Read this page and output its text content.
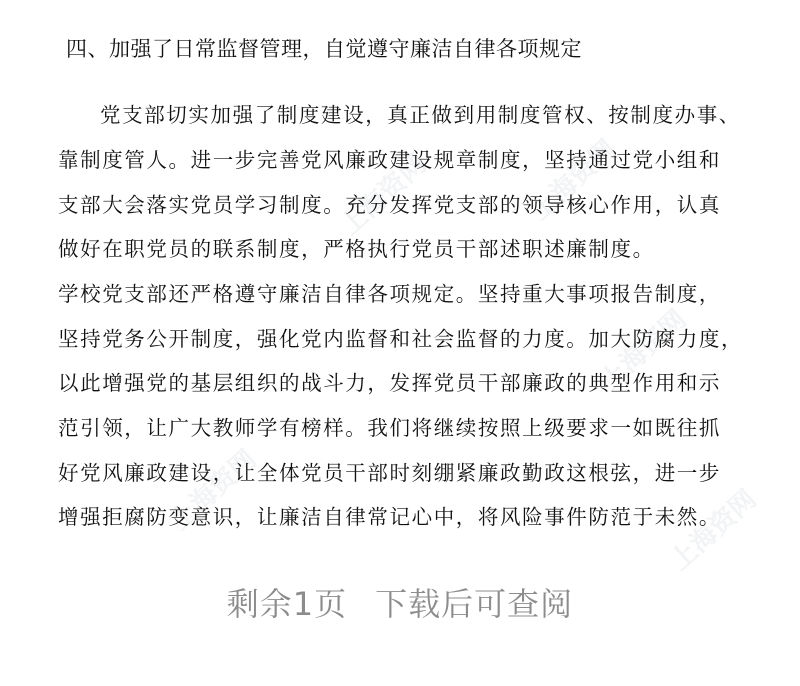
上海资网	上海资网
上海资网
上海资网	上海资网
四、加强了日常监督管理，自觉遵守廉洁自律各项规定
党支部切实加强了制度建设，真正做到用制度管权、按制度办事、
靠制度管人。进一步完善党风廉政建设规章制度，坚持通过党小组和
支部大会落实党员学习制度。充分发挥党支部的领导核心作用，认真
做好在职党员的联系制度，严格执行党员干部述职述廉制度。
学校党支部还严格遵守廉洁自律各项规定。坚持重大事项报告制度，
坚持党务公开制度，强化党内监督和社会监督的力度。加大防腐力度，
以此增强党的基层组织的战斗力，发挥党员干部廉政的典型作用和示
范引领，让广大教师学有榜样。我们将继续按照上级要求一如既往抓
好党风廉政建设，让全体党员干部时刻绷紧廉政勤政这根弦，进一步
增强拒腐防变意识，让廉洁自律常记心中，将风险事件防范于未然。
剩余1页 下载后可查阅
